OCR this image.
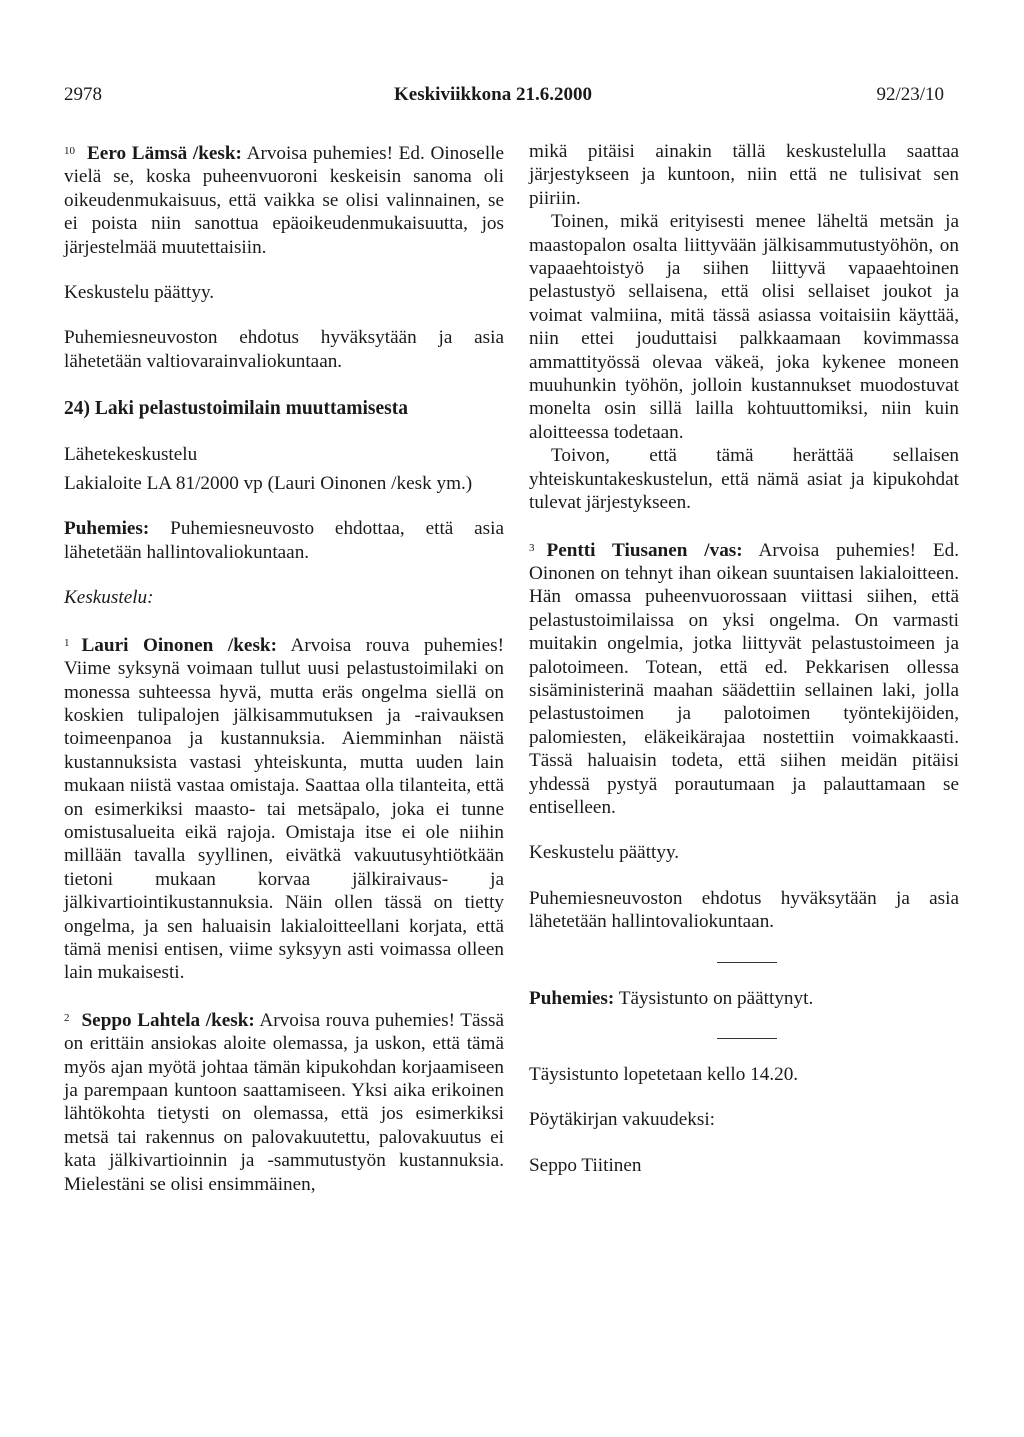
2978	Keskiviikkona 21.6.2000	92/23/10

$^{10}$ Eero Lämsä /kesk: Arvoisa puhemies! Ed. Oinoselle vielä se, koska puheenvuoroni keskeisin sanoma oli oikeudenmukaisuus, että vaikka se olisi valinnainen, se ei poista niin sanottua epäoikeudenmukaisuutta, jos järjestelmää muutettaisiin.

Keskustelu päättyy.

Puhemiesneuvoston ehdotus hyväksytään ja asia lähetetään valtiovarainvaliokuntaan.

24) Laki pelastustoimilain muuttamisesta

Lähetekeskustelu

Lakialoite LA 81/2000 vp (Lauri Oinonen /kesk ym.)

Puhemies: Puhemiesneuvosto ehdottaa, että asia lähetetään hallintovaliokuntaan.

Keskustelu:

$^1$ Lauri Oinonen /kesk: Arvoisa rouva puhemies! Viime syksynä voimaan tullut uusi pelastustoimilaki on monessa suhteessa hyvä, mutta eräs ongelma siellä on koskien tulipalojen jälkisammutuksen ja -raivauksen toimeenpanoa ja kustannuksia. Aiemminhan näistä kustannuksista vastasi yhteiskunta, mutta uuden lain mukaan niistä vastaa omistaja. Saattaa olla tilanteita, että on esimerkiksi maasto- tai metsäpalo, joka ei tunne omistusalueita eikä rajoja. Omistaja itse ei ole niihin millään tavalla syyllinen, eivätkä vakuutusyhtiötkään tietoni mukaan korvaa jälkiraivaus- ja jälkivartiointikustannuksia. Näin ollen tässä on tietty ongelma, ja sen haluaisin lakialoitteellani korjata, että tämä menisi entisen, viime syksyyn asti voimassa olleen lain mukaisesti.

$^2$ Seppo Lahtela /kesk: Arvoisa rouva puhemies! Tässä on erittäin ansiokas aloite olemassa, ja uskon, että tämä myös ajan myötä johtaa tämän kipukohdan korjaamiseen ja parempaan kuntoon saattamiseen. Yksi aika erikoinen lähtökohta tietysti on olemassa, että jos esimerkiksi metsä tai rakennus on palovakuutettu, palovakuutus ei kata jälkivartioinnin ja -sammutustyön kustannuksia. Mielestäni se olisi ensimmäinen,

mikä pitäisi ainakin tällä keskustelulla saattaa järjestykseen ja kuntoon, niin että ne tulisivat sen piiriin.

Toinen, mikä erityisesti menee läheltä metsän ja maastopalon osalta liittyvään jälkisammutustyöhön, on vapaaehtoistyö ja siihen liittyvä vapaaehtoinen pelastustyö sellaisena, että olisi sellaiset joukot ja voimat valmiina, mitä tässä asiassa voitaisiin käyttää, niin ettei jouduttaisi palkkaamaan kovimmassa ammattityössä olevaa väkeä, joka kykenee moneen muuhunkin työhön, jolloin kustannukset muodostuvat monelta osin sillä lailla kohtuuttomiksi, niin kuin aloitteessa todetaan.

Toivon, että tämä herättää sellaisen yhteiskuntakeskustelun, että nämä asiat ja kipukohdat tulevat järjestykseen.

$^3$ Pentti Tiusanen /vas: Arvoisa puhemies! Ed. Oinonen on tehnyt ihan oikean suuntaisen lakialoitteen. Hän omassa puheenvuorossaan viittasi siihen, että pelastustoimilaissa on yksi ongelma. On varmasti muitakin ongelmia, jotka liittyvät pelastustoimeen ja palotoimeen. Totean, että ed. Pekkarisen ollessa sisäministerinä maahan säädettiin sellainen laki, jolla pelastustoimen ja palotoimen työntekijöiden, palomiesten, eläkeikärajaa nostettiin voimakkaasti. Tässä haluaisin todeta, että siihen meidän pitäisi yhdessä pystyä porautumaan ja palauttamaan se entiselleen.

Keskustelu päättyy.

Puhemiesneuvoston ehdotus hyväksytään ja asia lähetetään hallintovaliokuntaan.

Puhemies: Täysistunto on päättynyt.

Täysistunto lopetetaan kello 14.20.

Pöytäkirjan vakuudeksi:

Seppo Tiitinen
